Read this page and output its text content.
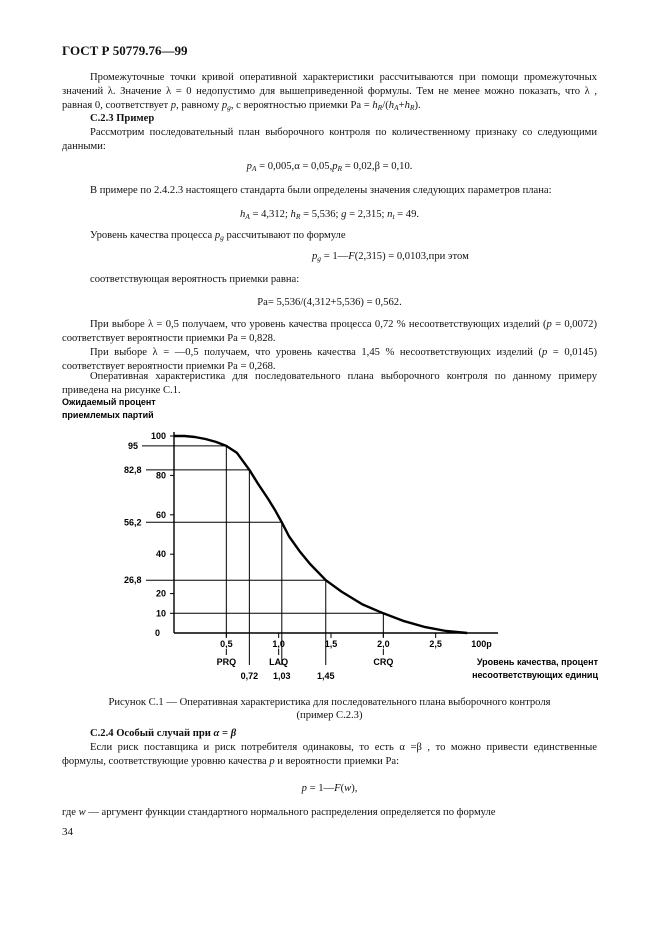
ГОСТ Р 50779.76—99
Промежуточные точки кривой оперативной характеристики рассчитываются при помощи промежуточных значений λ. Значение λ = 0 недопустимо для вышеприведенной формулы. Тем не менее можно показать, что λ , равная 0, соответствует p, равному $p_g$, с вероятностью приемки $Pa = h_R/(h_A+h_R)$.
C.2.3 Пример
Рассмотрим последовательный план выборочного контроля по количественному признаку со следующими данными:
$p_A = 0,005,\alpha = 0,05,p_R = 0,02,\beta = 0,10$.
В примере по 2.4.2.3 настоящего стандарта были определены значения следующих параметров плана:
$h_A = 4,312$; $h_R = 5,536$; g = 2,315; $n_t = 49$.
Уровень качества процесса $p_g$ рассчитывают по формуле
$p_g$ = 1—F(2,315) = 0,0103,при этом
соответствующая вероятность приемки равна:
Pa= 5,536/(4,312+5,536) = 0,562.
При выборе λ = 0,5 получаем, что уровень качества процесса 0,72 % несоответствующих изделий (p = 0,0072) соответствует вероятности приемки Pa = 0,828.
При выборе λ = —0,5 получаем, что уровень качества 1,45 % несоответствующих изделий (p = 0,0145) соответствует вероятности приемки Pa = 0,268.
Оперативная характеристика для последовательного плана выборочного контроля по данному примеру приведена на рисунке C.1.
Ожидаемый процент
приемлемых партий
0
10
20
40
60
80
100
95
82,8
56,2
26,8
0,5	1,0	1,5	2,0	2,5	100p
PRQ	LAQ	CRQ
0,72 1,03	1,45
Уровень качества, процент
несоответствующих единиц
Рисунок C.1 — Оперативная характеристика для последовательного плана выборочного контроля
(пример C.2.3)
C.2.4 Особый случай при α = β
Если риск поставщика и риск потребителя одинаковы, то есть α =β , то можно привести единственные формулы, соответствующие уровню качества p и вероятности приемки Pa:
p = 1—F(w),
где w — аргумент функции стандартного нормального распределения определяется по формуле
34
